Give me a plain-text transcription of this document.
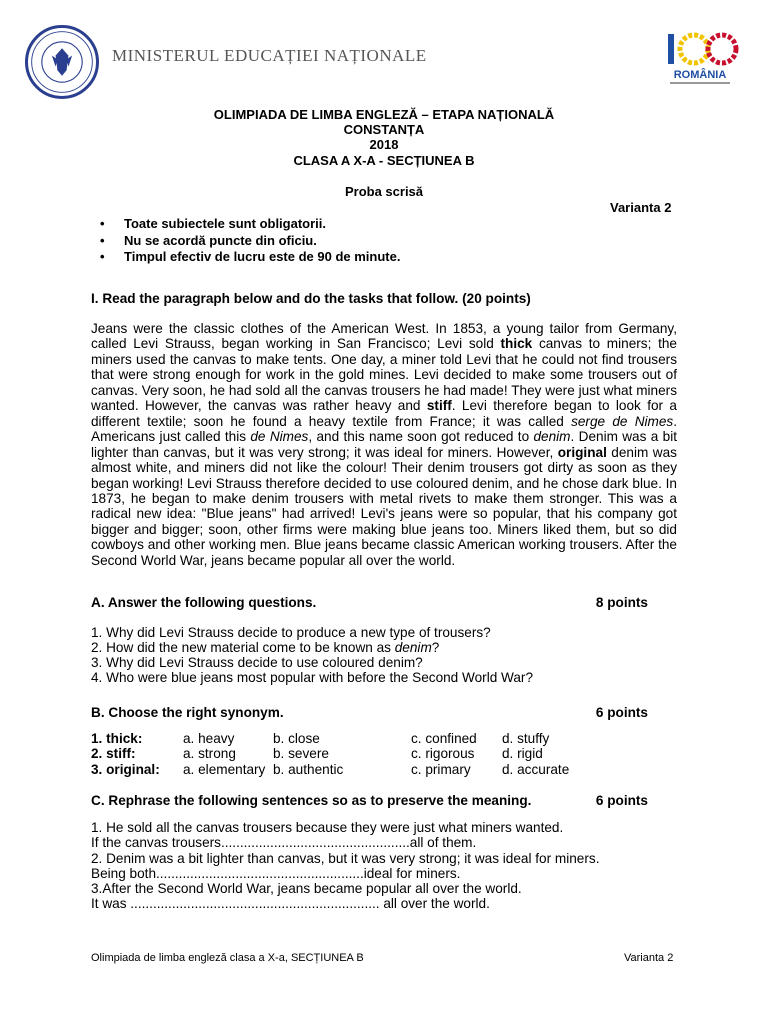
MINISTERUL EDUCAȚIEI NAȚIONALE
ROMÂNIA
OLIMPIADA DE LIMBA ENGLEZĂ – ETAPA NAȚIONALĂ
CONSTANȚA
2018
CLASA A X-A - SECȚIUNEA B
Proba scrisă
Varianta 2
• Toate subiectele sunt obligatorii.
• Nu se acordă puncte din oficiu.
• Timpul efectiv de lucru este de 90 de minute.
I. Read the paragraph below and do the tasks that follow. (20 points)
Jeans were the classic clothes of the American West. In 1853, a young tailor from Germany, called Levi Strauss, began working in San Francisco; Levi sold thick canvas to miners; the miners used the canvas to make tents. One day, a miner told Levi that he could not find trousers that were strong enough for work in the gold mines. Levi decided to make some trousers out of canvas. Very soon, he had sold all the canvas trousers he had made! They were just what miners wanted. However, the canvas was rather heavy and stiff. Levi therefore began to look for a different textile; soon he found a heavy textile from France; it was called serge de Nimes. Americans just called this de Nimes, and this name soon got reduced to denim. Denim was a bit lighter than canvas, but it was very strong; it was ideal for miners. However, original denim was almost white, and miners did not like the colour! Their denim trousers got dirty as soon as they began working! Levi Strauss therefore decided to use coloured denim, and he chose dark blue. In 1873, he began to make denim trousers with metal rivets to make them stronger. This was a radical new idea: "Blue jeans" had arrived! Levi's jeans were so popular, that his company got bigger and bigger; soon, other firms were making blue jeans too. Miners liked them, but so did cowboys and other working men. Blue jeans became classic American working trousers. After the Second World War, jeans became popular all over the world.
A. Answer the following questions.	8 points
1. Why did Levi Strauss decide to produce a new type of trousers?
2. How did the new material come to be known as denim?
3. Why did Levi Strauss decide to use coloured denim?
4. Who were blue jeans most popular with before the Second World War?
B. Choose the right synonym.	6 points
1. thick:	a. heavy	b. close	c. confined d. stuffy
2. stiff:	a. strong	b. severe	c. rigorous d. rigid
3. original: a. elementary b. authentic	c. primary d. accurate
C. Rephrase the following sentences so as to preserve the meaning.	6 points
1. He sold all the canvas trousers because they were just what miners wanted.
If the canvas trousers..................................................all of them.
2. Denim was a bit lighter than canvas, but it was very strong; it was ideal for miners.
Being both.......................................................ideal for miners.
3.After the Second World War, jeans became popular all over the world.
It was .................................................................. all over the world.
Olimpiada de limba engleză clasa a X-a, SECȚIUNEA B	Varianta 2
